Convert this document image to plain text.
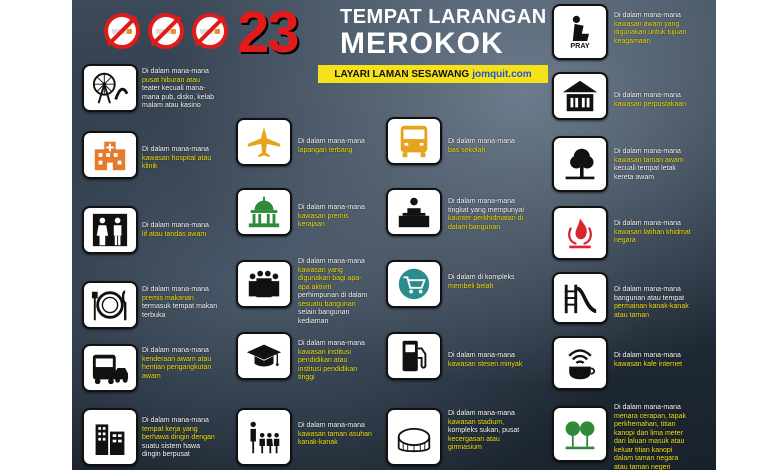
23 TEMPAT LARANGAN
MEROKOK
LAYARI LAMAN SESAWANG jomquit.com
Di dalam mana-mana
pusat hiburan atau
teater kecuali mana-
mana pub, disko, kelab
malam atau kasino
Di dalam mana-mana
kawasan hospital atau
klinik
Di dalam mana-mana
lif atau tandas awam
Di dalam mana-mana
premis makanan
termasuk tempat makan
terbuka
Di dalam mana-mana
kenderaan awam atau
hentian pengangkutan
awam
Di dalam mana-mana
tempat kerja yang
berhawa dingin dengan
suatu sistem hawa
dingin berpusat
Di dalam mana-mana
lapangan terbang
Di dalam mana-mana
kawasan premis
kerajaan
Di dalam mana-mana
kawasan yang
digunakan bagi apa-
apa aktiviti
perhimpunan di dalam
sesuatu bangunan
selain bangunan
kediaman
Di dalam mana-mana
kawasan institusi
pendidikan atau
institusi pendidikan
tinggi
Di dalam mana-mana
kawasan taman asuhan
kanak-kanak
Di dalam mana-mana
bas sekolah
Di dalam mana-mana
tingkat yang mempunyai
kaunter perkhidmatan di
dalam bangunan
Di dalam di kompleks
membeli belah
Di dalam mana-mana
kawasan stesen minyak
Di dalam mana-mana
kawasan stadium,
kompleks sukan, pusat
kecergasan atau
gimnasium
PRAY
Di dalam mana-mana
kawasan awam yang
digunakan untuk tujuan
keagamaan
Di dalam mana-mana
kawasan perpustakaan
Di dalam mana-mana
kawasan taman awam
kecuali tempat letak
kereta awam
Di dalam mana-mana
kawasan latihan khidmat
negara
Di dalam mana-mana
bangunan atau tempat
permainan kanak-kanak
atau taman
Di dalam mana-mana
kawasan kafe internet
Di dalam mana-mana
menara cerapan, tapak
perkhemahan, titian
kanopi dan lima meter
dari laluan masuk atau
keluar titian kanopi
dalam taman negara
atau taman negeri
